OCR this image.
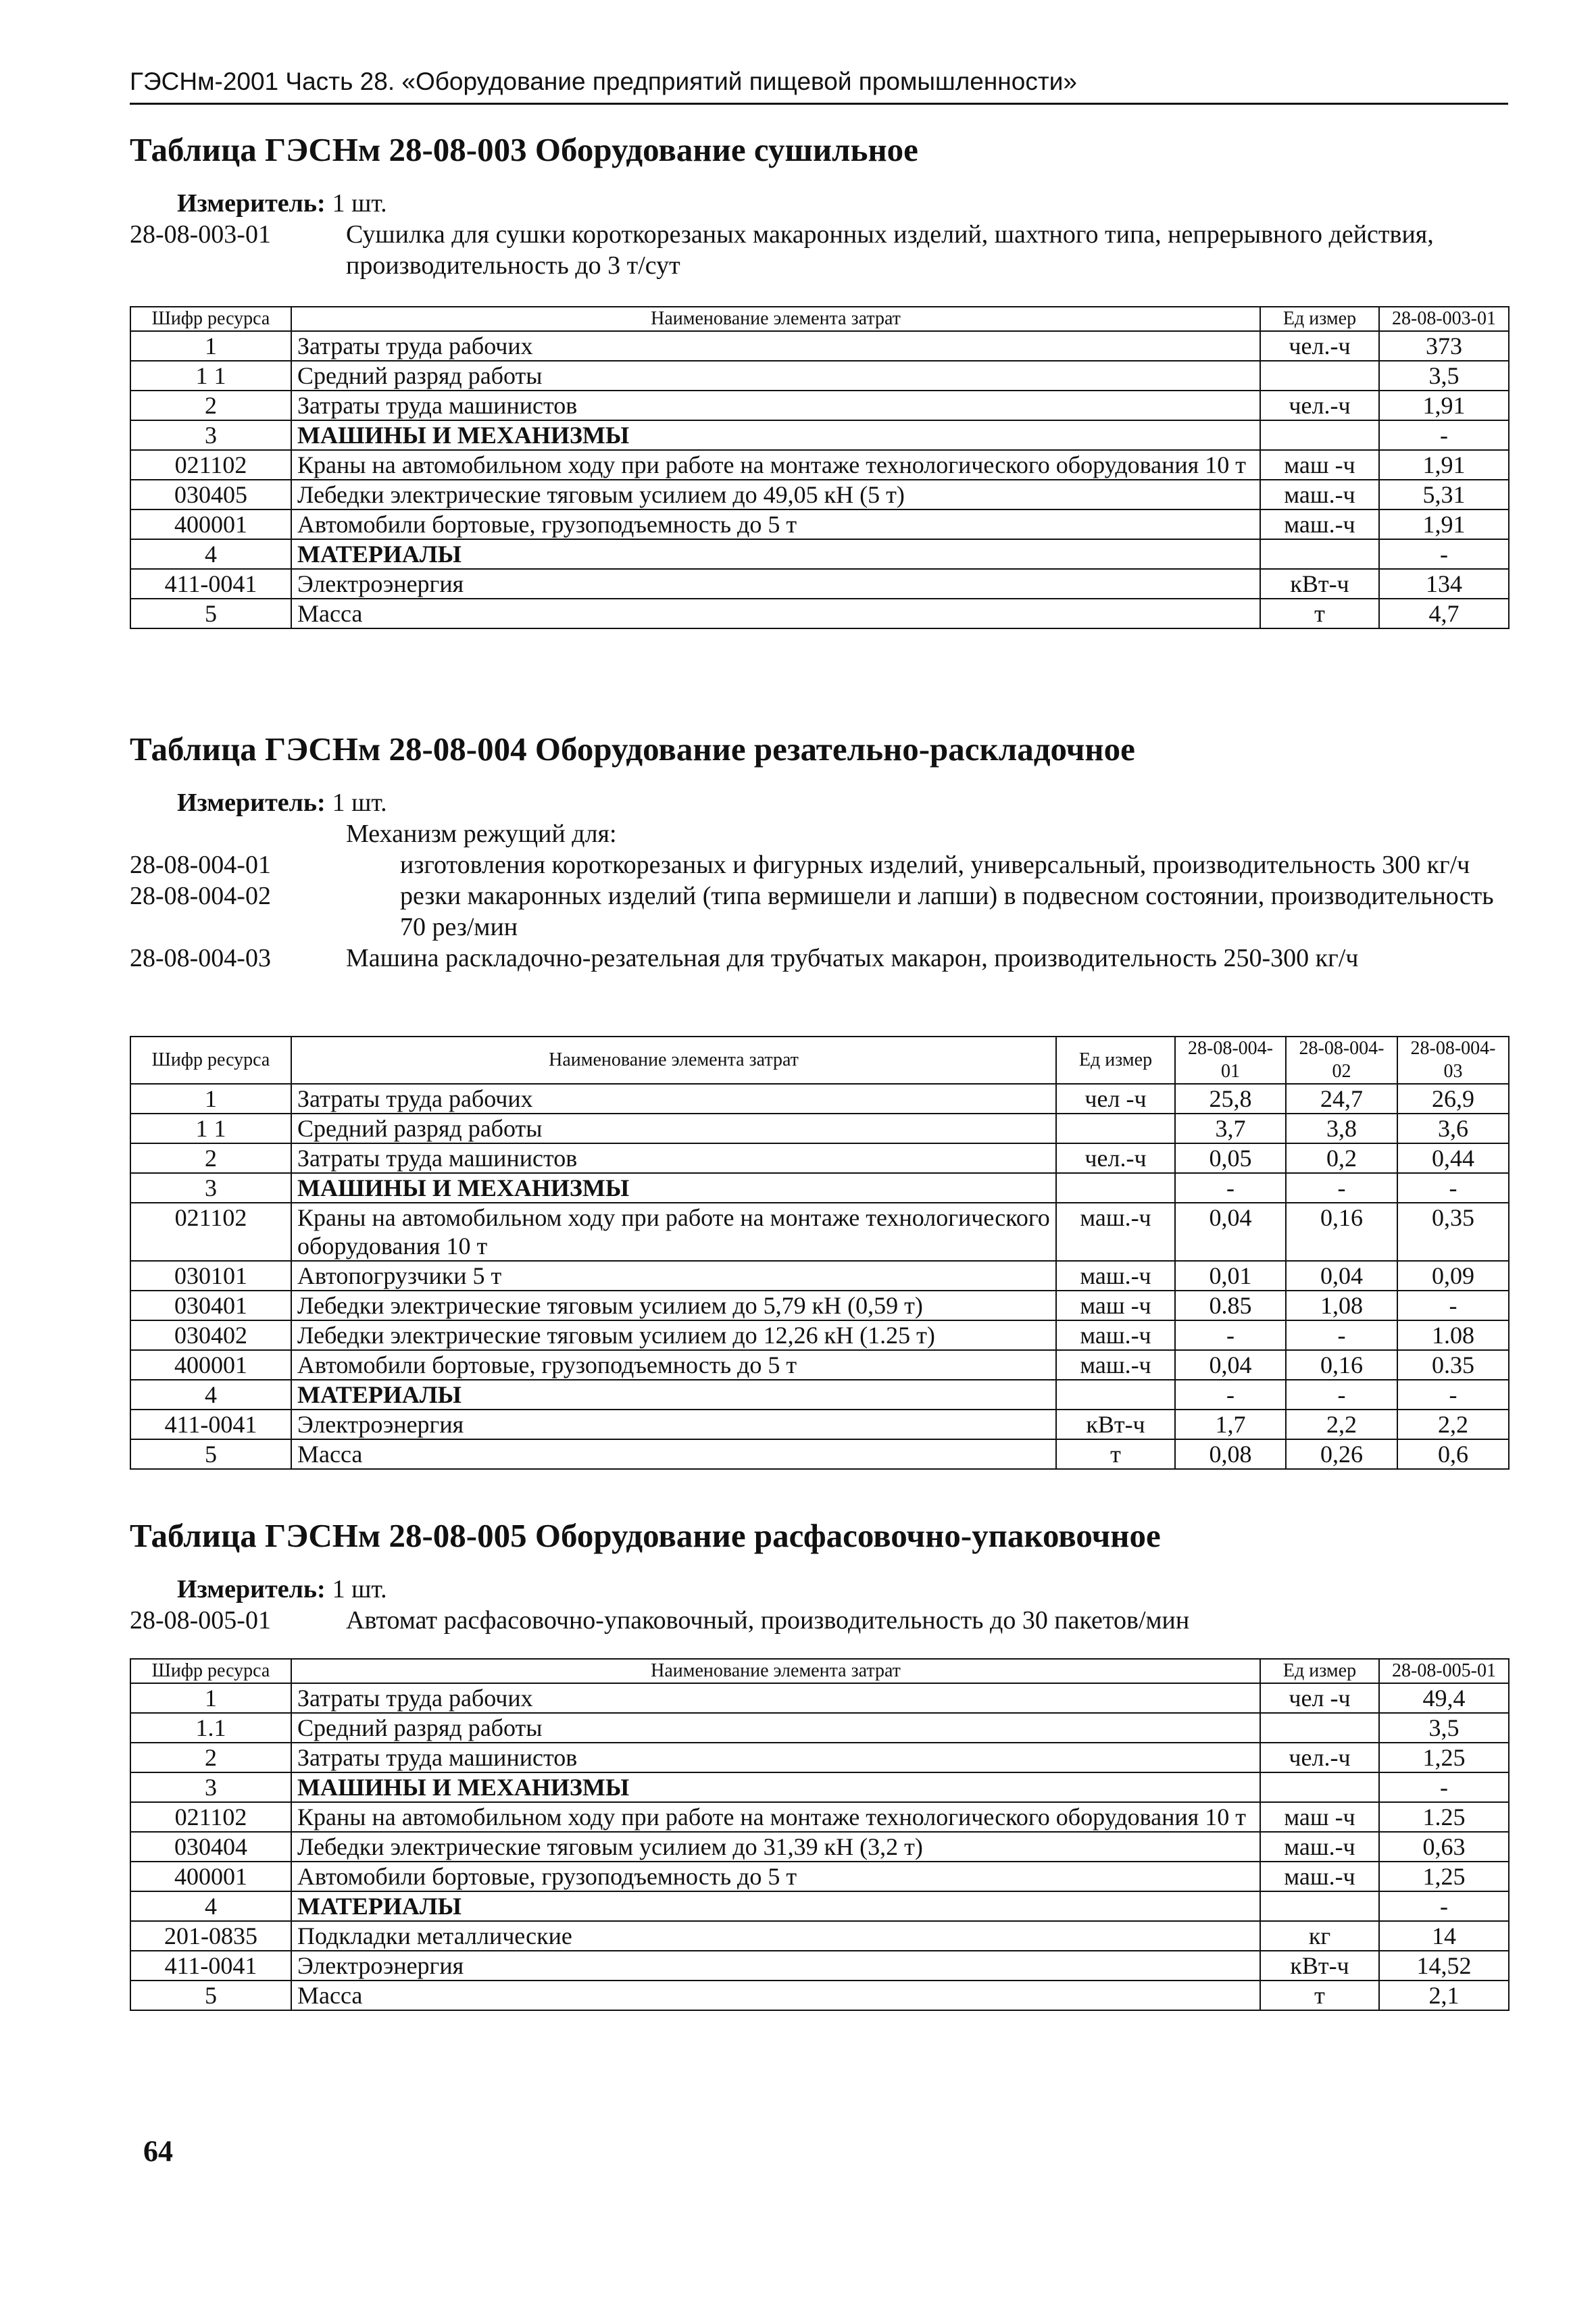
ГЭСНм-2001 Часть 28. «Оборудование предприятий пищевой промышленности»
Таблица ГЭСНм 28-08-003 Оборудование сушильное
Измеритель: 1 шт.
28-08-003-01	Сушилка для сушки короткорезаных макаронных изделий, шахтного типа, непрерывного действия, производительность до 3 т/сут
Шифр ресурса	Наименование элемента затрат	Ед измер	28-08-003-01
1	Затраты труда рабочих	чел.-ч	373
1 1	Средний разряд работы		3,5
2	Затраты труда машинистов	чел.-ч	1,91
3	МАШИНЫ И МЕХАНИЗМЫ		-
021102	Краны на автомобильном ходу при работе на монтаже технологического оборудования 10 т	маш -ч	1,91
030405	Лебедки электрические тяговым усилием до 49,05 кН (5 т)	маш.-ч	5,31
400001	Автомобили бортовые, грузоподъемность до 5 т	маш.-ч	1,91
4	МАТЕРИАЛЫ		-
411-0041	Электроэнергия	кВт-ч	134
5	Масса	т	4,7
Таблица ГЭСНм 28-08-004 Оборудование резательно-раскладочное
Измеритель: 1 шт.
Механизм режущий для:
28-08-004-01	изготовления короткорезаных и фигурных изделий, универсальный, производительность 300 кг/ч
28-08-004-02	резки макаронных изделий (типа вермишели и лапши) в подвесном состоянии, производительность 70 рез/мин
28-08-004-03	Машина раскладочно-резательная для трубчатых макарон, производительность 250-300 кг/ч
Шифр ресурса	Наименование элемента затрат	Ед измер	28-08-004-01	28-08-004-02	28-08-004-03
1	Затраты труда рабочих	чел -ч	25,8	24,7	26,9
1 1	Средний разряд работы		3,7	3,8	3,6
2	Затраты труда машинистов	чел.-ч	0,05	0,2	0,44
3	МАШИНЫ И МЕХАНИЗМЫ		-	-	-
021102	Краны на автомобильном ходу при работе на монтаже технологического оборудования 10 т	маш.-ч	0,04	0,16	0,35
030101	Автопогрузчики 5 т	маш.-ч	0,01	0,04	0,09
030401	Лебедки электрические тяговым усилием до 5,79 кН (0,59 т)	маш -ч	0.85	1,08	-
030402	Лебедки электрические тяговым усилием до 12,26 кН (1.25 т)	маш.-ч	-	-	1.08
400001	Автомобили бортовые, грузоподъемность до 5 т	маш.-ч	0,04	0,16	0.35
4	МАТЕРИАЛЫ		-	-	-
411-0041	Электроэнергия	кВт-ч	1,7	2,2	2,2
5	Масса	т	0,08	0,26	0,6
Таблица ГЭСНм 28-08-005 Оборудование расфасовочно-упаковочное
Измеритель: 1 шт.
28-08-005-01	Автомат расфасовочно-упаковочный, производительность до 30 пакетов/мин
Шифр ресурса	Наименование элемента затрат	Ед измер	28-08-005-01
1	Затраты труда рабочих	чел -ч	49,4
1.1	Средний разряд работы		3,5
2	Затраты труда машинистов	чел.-ч	1,25
3	МАШИНЫ И МЕХАНИЗМЫ		-
021102	Краны на автомобильном ходу при работе на монтаже технологического оборудования 10 т	маш -ч	1.25
030404	Лебедки электрические тяговым усилием до 31,39 кН (3,2 т)	маш.-ч	0,63
400001	Автомобили бортовые, грузоподъемность до 5 т	маш.-ч	1,25
4	МАТЕРИАЛЫ		-
201-0835	Подкладки металлические	кг	14
411-0041	Электроэнергия	кВт-ч	14,52
5	Масса	т	2,1
64
